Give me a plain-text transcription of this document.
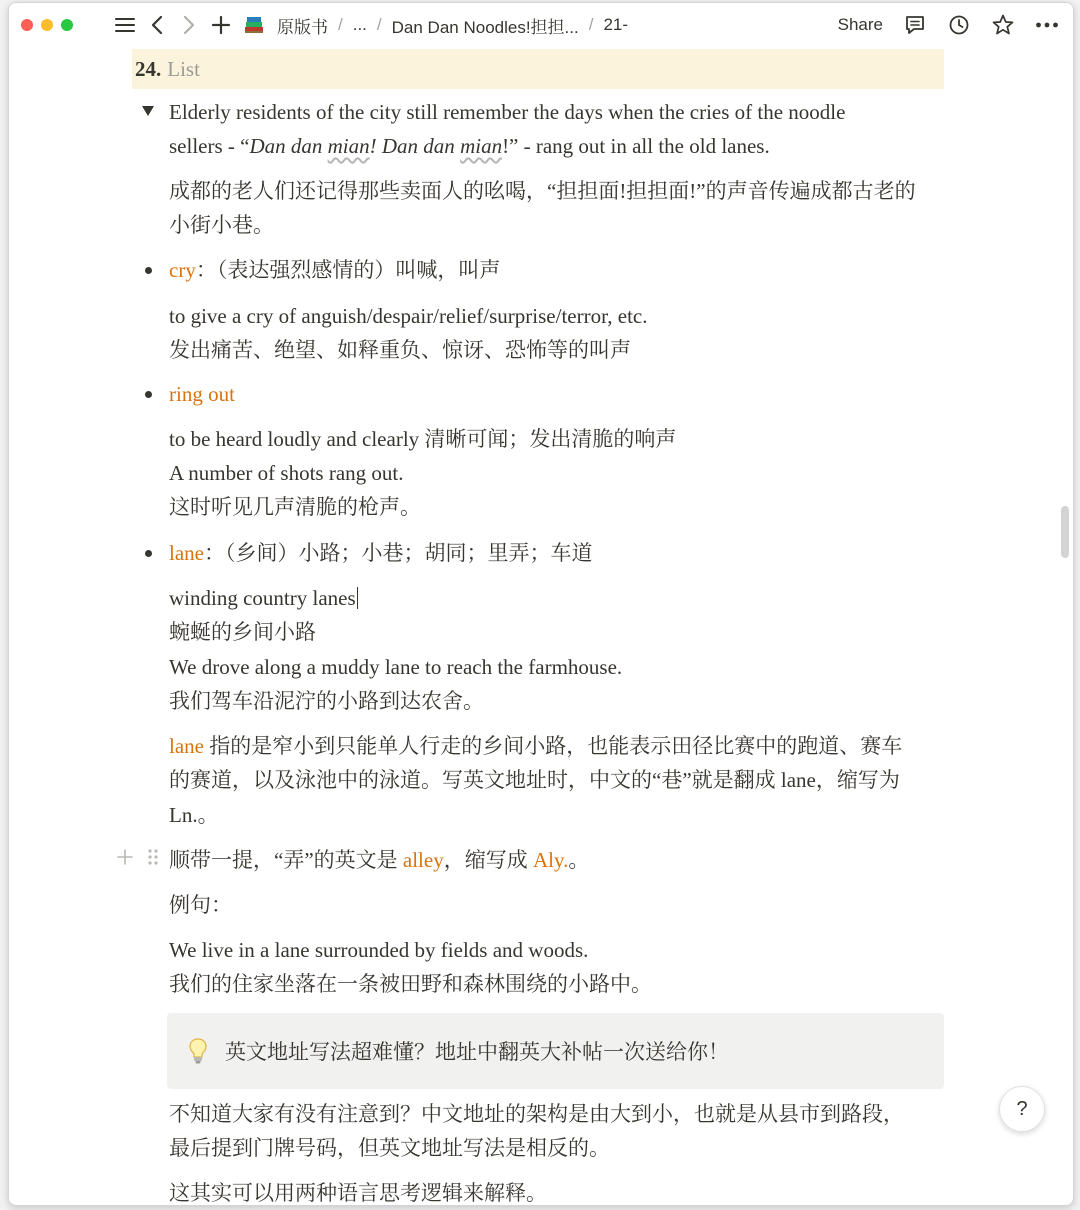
原版书 / ... / Dan Dan Noodles!担担... / 21-	Share
24. List
Elderly residents of the city still remember the days when the cries of the noodle
sellers - “Dan dan mian! Dan dan mian!” - rang out in all the old lanes.
成都的老人们还记得那些卖面人的吆喝，“担担面!担担面!”的声音传遍成都古老的
小街小巷。
cry：（表达强烈感情的）叫喊，叫声
to give a cry of anguish/despair/relief/surprise/terror, etc.
发出痛苦、绝望、如释重负、惊讶、恐怖等的叫声
ring out
to be heard loudly and clearly 清晰可闻；发出清脆的响声
A number of shots rang out.
这时听见几声清脆的枪声。
lane：（乡间）小路；小巷；胡同；里弄；车道
winding country lanes
蜿蜒的乡间小路
We drove along a muddy lane to reach the farmhouse.
我们驾车沿泥泞的小路到达农舍。
lane 指的是窄小到只能单人行走的乡间小路，也能表示田径比赛中的跑道、赛车
的赛道，以及泳池中的泳道。写英文地址时，中文的“巷”就是翻成 lane，缩写为
Ln.。
顺带一提，“弄”的英文是 alley，缩写成 Aly.。
例句：
We live in a lane surrounded by fields and woods.
我们的住家坐落在一条被田野和森林围绕的小路中。
英文地址写法超难懂？地址中翻英大补帖一次送给你！
不知道大家有没有注意到？中文地址的架构是由大到小，也就是从县市到路段，
最后提到门牌号码，但英文地址写法是相反的。
这其实可以用两种语言思考逻辑来解释。
?
